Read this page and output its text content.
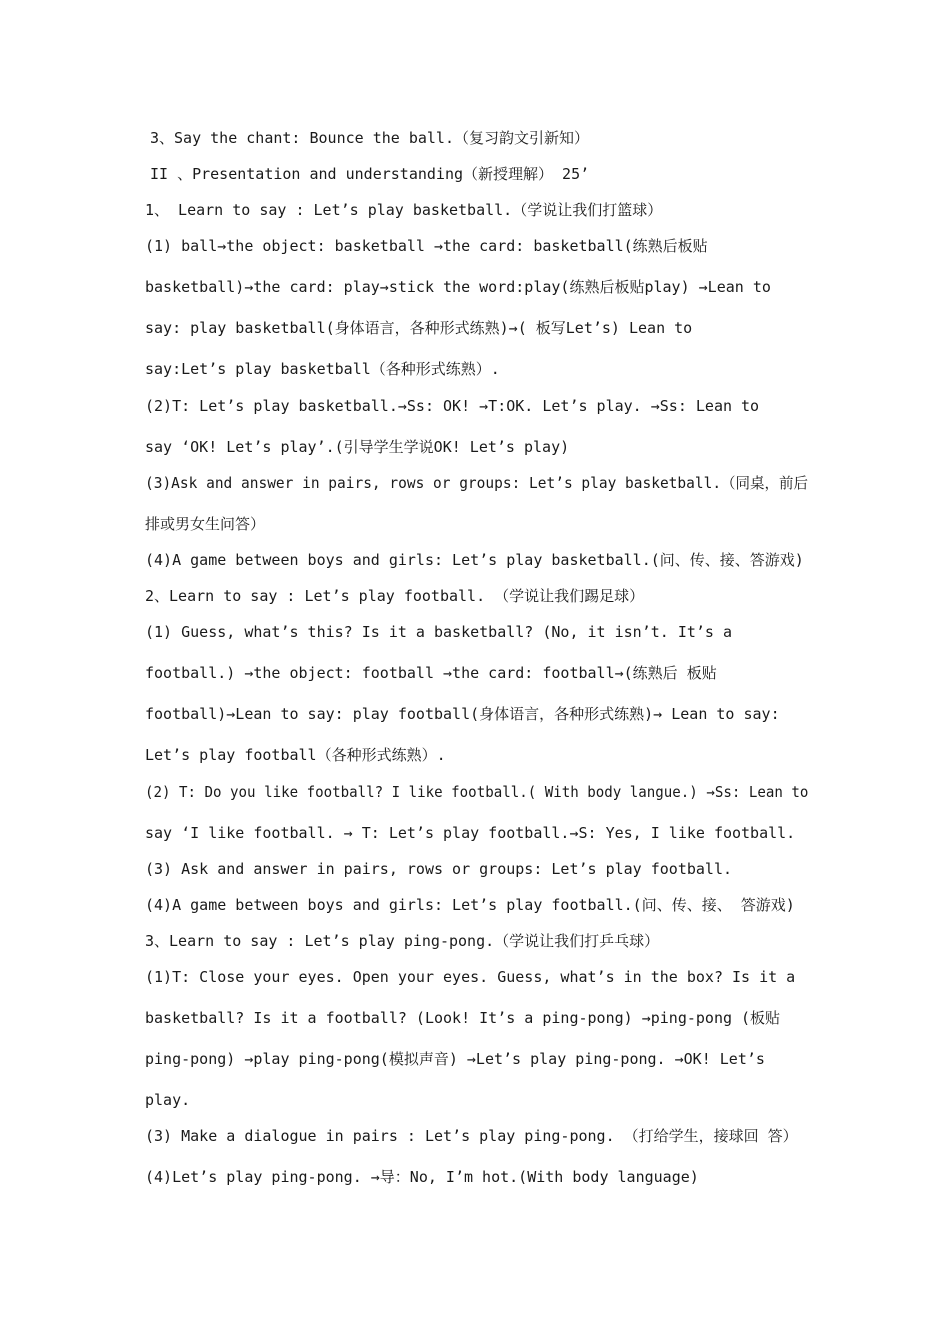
3、Say the chant: Bounce the ball.（复习韵文引新知）
II 、Presentation and understanding（新授理解） 25’
1、 Learn to say : Let’s play basketball.（学说让我们打篮球）
(1) ball→the object: basketball →the card: basketball(练熟后板贴
basketball)→the card: play→stick the word:play(练熟后板贴play) →Lean to
say: play basketball(身体语言，各种形式练熟)→( 板写Let’s) Lean to
say:Let’s play basketball（各种形式练熟）.
(2)T: Let’s play basketball.→Ss: OK! →T:OK. Let’s play. →Ss: Lean to
say ‘OK! Let’s play’.(引导学生学说OK! Let’s play)
(3)Ask and answer in pairs, rows or groups: Let’s play basketball.（同桌，前后
排或男女生问答）
(4)A game between boys and girls: Let’s play basketball.(问、传、接、答游戏)
2、Learn to say : Let’s play football. （学说让我们踢足球）
(1) Guess, what’s this? Is it a basketball? (No, it isn’t. It’s a
football.) →the object: football →the card: football→(练熟后 板贴
football)→Lean to say: play football(身体语言，各种形式练熟)→ Lean to say:
Let’s play football（各种形式练熟）.
(2) T: Do you like football? I like football.( With body langue.) →Ss: Lean to
say ‘I like football. → T: Let’s play football.→S: Yes, I like football.
(3) Ask and answer in pairs, rows or groups: Let’s play football.
(4)A game between boys and girls: Let’s play football.(问、传、接、 答游戏)
3、Learn to say : Let’s play ping-pong.（学说让我们打乒乓球）
(1)T: Close your eyes. Open your eyes. Guess, what’s in the box? Is it a
basketball? Is it a football? (Look! It’s a ping-pong) →ping-pong (板贴
ping-pong) →play ping-pong(模拟声音) →Let’s play ping-pong. →OK! Let’s
play.
(3) Make a dialogue in pairs : Let’s play ping-pong. （打给学生，接球回 答）
(4)Let’s play ping-pong. →导：No, I’m hot.(With body language)
